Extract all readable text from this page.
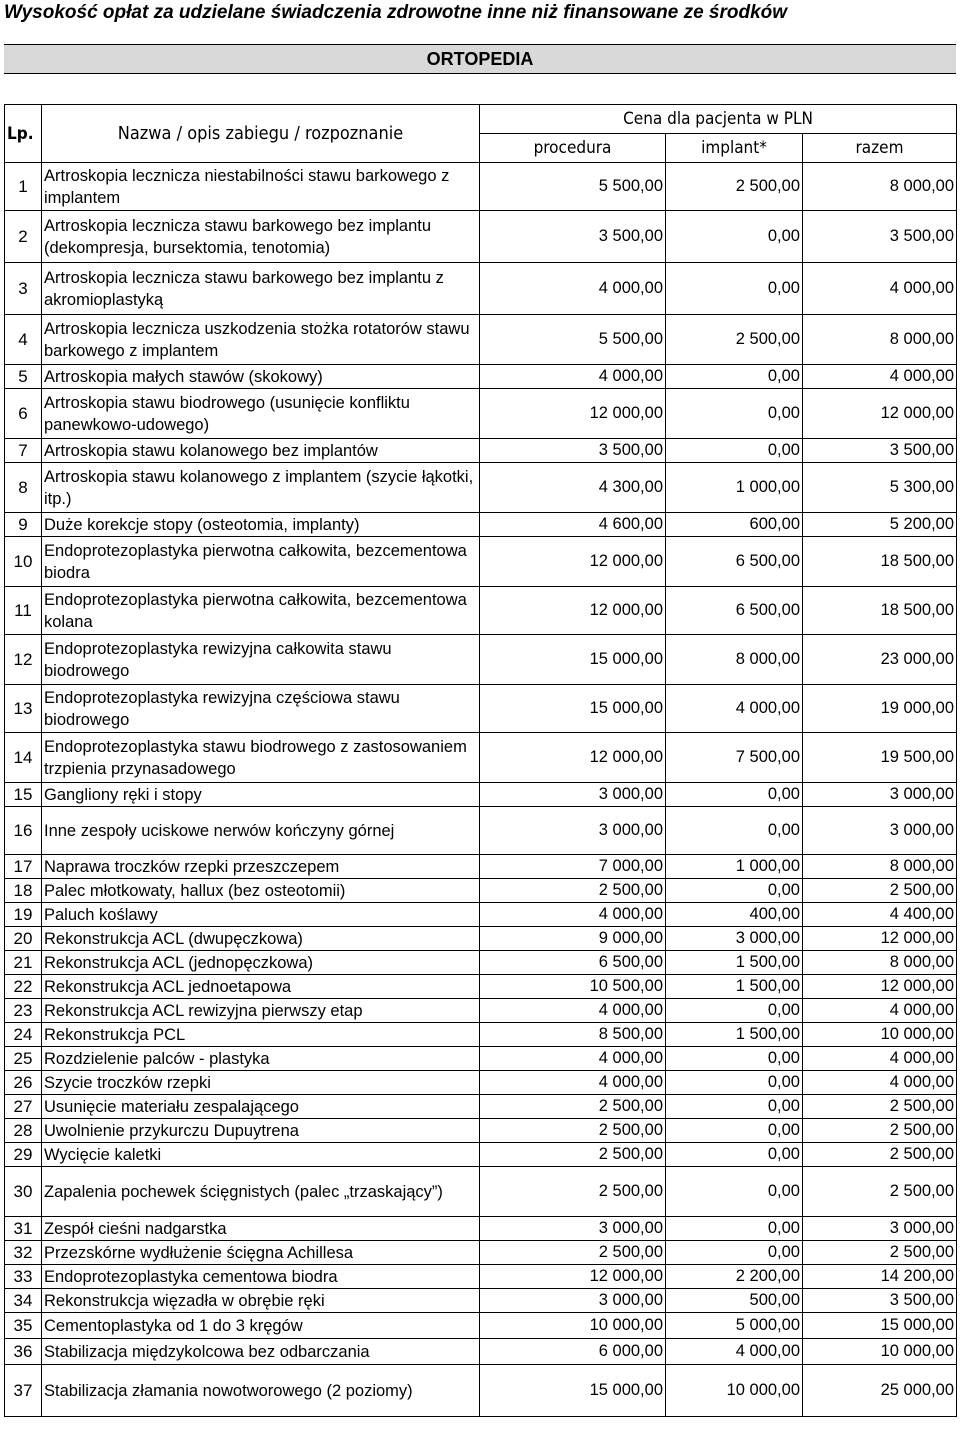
Wysokość opłat za udzielane świadczenia zdrowotne inne niż finansowane ze środków
ORTOPEDIA
Lp.	Nazwa / opis zabiegu / rozpoznanie	Cena dla pacjenta w PLN		
		procedura	implant*	razem
1	Artroskopia lecznicza niestabilności stawu barkowego z implantem	5 500,00	2 500,00	8 000,00
2	Artroskopia lecznicza stawu barkowego bez implantu (dekompresja, bursektomia, tenotomia)	3 500,00	0,00	3 500,00
3	Artroskopia lecznicza stawu barkowego bez implantu z akromioplastyką	4 000,00	0,00	4 000,00
4	Artroskopia lecznicza uszkodzenia stożka rotatorów stawu barkowego z implantem	5 500,00	2 500,00	8 000,00
5	Artroskopia małych stawów (skokowy)	4 000,00	0,00	4 000,00
6	Artroskopia stawu biodrowego (usunięcie konfliktu panewkowo-udowego)	12 000,00	0,00	12 000,00
7	Artroskopia stawu kolanowego bez implantów	3 500,00	0,00	3 500,00
8	Artroskopia stawu kolanowego z implantem (szycie łąkotki, itp.)	4 300,00	1 000,00	5 300,00
9	Duże korekcje stopy (osteotomia, implanty)	4 600,00	600,00	5 200,00
10	Endoprotezoplastyka pierwotna całkowita, bezcementowa biodra	12 000,00	6 500,00	18 500,00
11	Endoprotezoplastyka pierwotna całkowita, bezcementowa kolana	12 000,00	6 500,00	18 500,00
12	Endoprotezoplastyka rewizyjna całkowita stawu biodrowego	15 000,00	8 000,00	23 000,00
13	Endoprotezoplastyka rewizyjna częściowa stawu biodrowego	15 000,00	4 000,00	19 000,00
14	Endoprotezoplastyka stawu biodrowego z zastosowaniem trzpienia przynasadowego	12 000,00	7 500,00	19 500,00
15	Gangliony ręki i stopy	3 000,00	0,00	3 000,00
16	Inne zespoły uciskowe nerwów kończyny górnej	3 000,00	0,00	3 000,00
17	Naprawa troczków rzepki przeszczepem	7 000,00	1 000,00	8 000,00
18	Palec młotkowaty, hallux (bez osteotomii)	2 500,00	0,00	2 500,00
19	Paluch koślawy	4 000,00	400,00	4 400,00
20	Rekonstrukcja ACL (dwupęczkowa)	9 000,00	3 000,00	12 000,00
21	Rekonstrukcja ACL (jednopęczkowa)	6 500,00	1 500,00	8 000,00
22	Rekonstrukcja ACL jednoetapowa	10 500,00	1 500,00	12 000,00
23	Rekonstrukcja ACL rewizyjna pierwszy etap	4 000,00	0,00	4 000,00
24	Rekonstrukcja PCL	8 500,00	1 500,00	10 000,00
25	Rozdzielenie palców - plastyka	4 000,00	0,00	4 000,00
26	Szycie troczków rzepki	4 000,00	0,00	4 000,00
27	Usunięcie materiału zespalającego	2 500,00	0,00	2 500,00
28	Uwolnienie przykurczu Dupuytrena	2 500,00	0,00	2 500,00
29	Wycięcie kaletki	2 500,00	0,00	2 500,00
30	Zapalenia pochewek ścięgnistych (palec „trzaskający”)	2 500,00	0,00	2 500,00
31	Zespół cieśni nadgarstka	3 000,00	0,00	3 000,00
32	Przezskórne wydłużenie ścięgna Achillesa	2 500,00	0,00	2 500,00
33	Endoprotezoplastyka cementowa biodra	12 000,00	2 200,00	14 200,00
34	Rekonstrukcja więzadła w obrębie ręki	3 000,00	500,00	3 500,00
35	Cementoplastyka od 1 do 3 kręgów	10 000,00	5 000,00	15 000,00
36	Stabilizacja międzykolcowa bez odbarczania	6 000,00	4 000,00	10 000,00
37	Stabilizacja złamania nowotworowego (2 poziomy)	15 000,00	10 000,00	25 000,00
